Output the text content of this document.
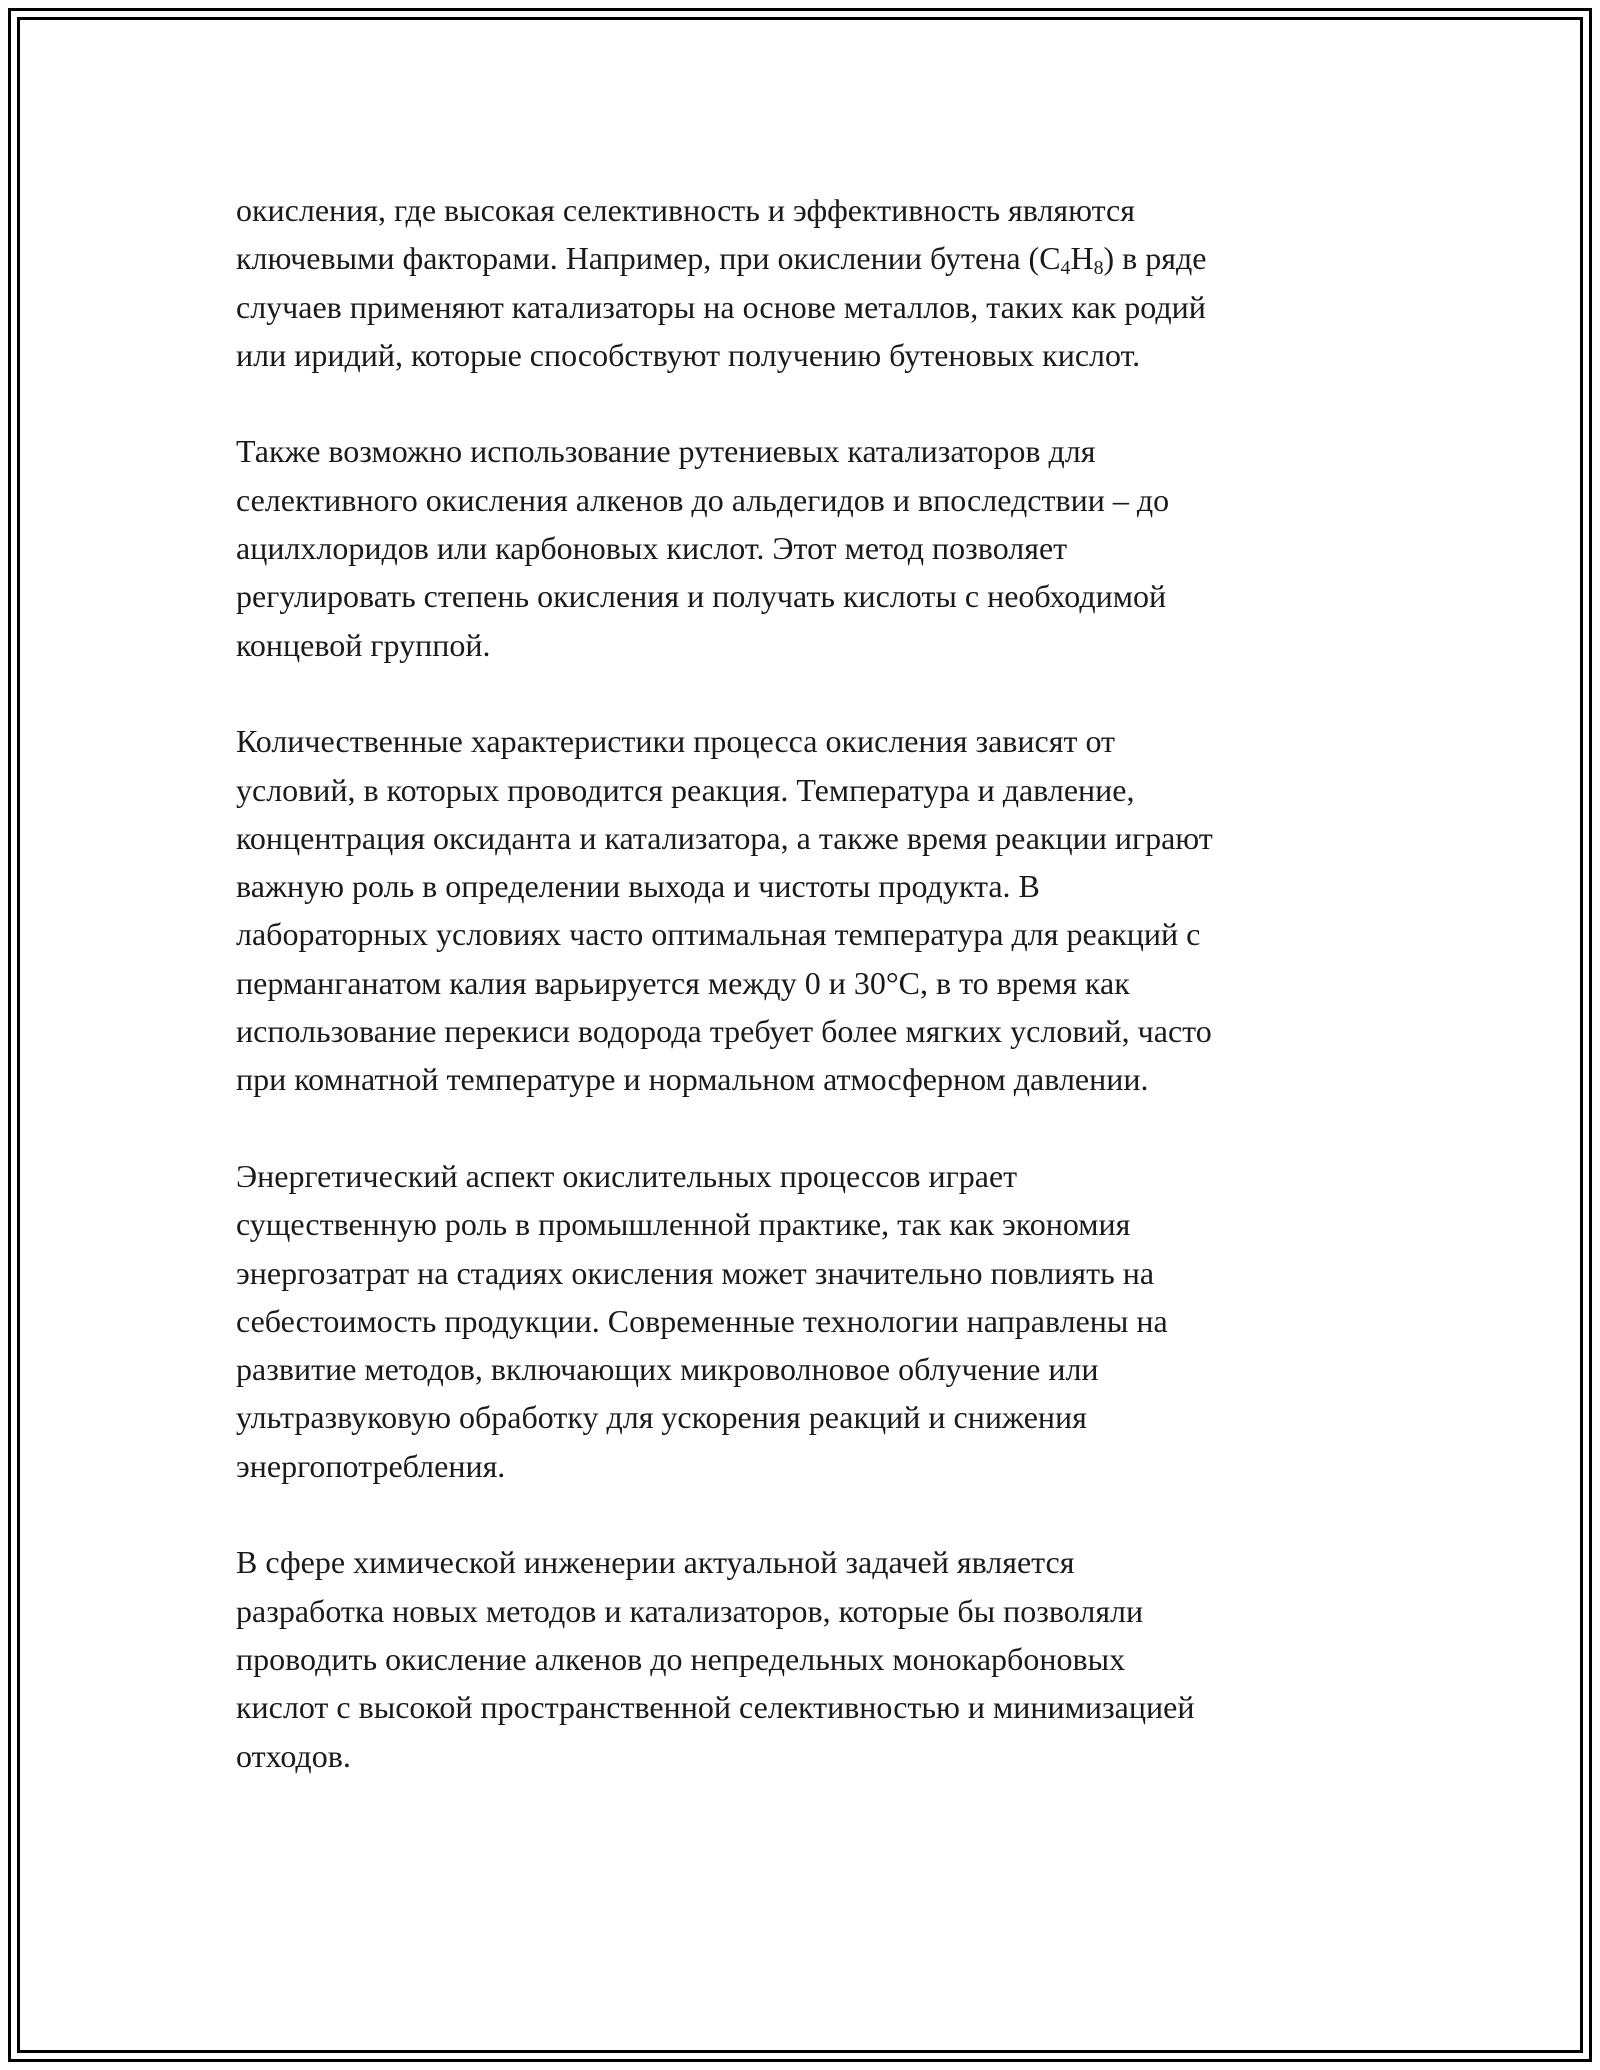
окисления, где высокая селективность и эффективность являются
ключевыми факторами. Например, при окислении бутена $(C_4H_8)$ в ряде
случаев применяют катализаторы на основе металлов, таких как родий
или иридий, которые способствуют получению бутеновых кислот.

Также возможно использование рутениевых катализаторов для
селективного окисления алкенов до альдегидов и впоследствии – до
ацилхлоридов или карбоновых кислот. Этот метод позволяет
регулировать степень окисления и получать кислоты с необходимой
концевой группой.

Количественные характеристики процесса окисления зависят от
условий, в которых проводится реакция. Температура и давление,
концентрация оксиданта и катализатора, а также время реакции играют
важную роль в определении выхода и чистоты продукта. В
лабораторных условиях часто оптимальная температура для реакций с
перманганатом калия варьируется между 0 и 30°C, в то время как
использование перекиси водорода требует более мягких условий, часто
при комнатной температуре и нормальном атмосферном давлении.

Энергетический аспект окислительных процессов играет
существенную роль в промышленной практике, так как экономия
энергозатрат на стадиях окисления может значительно повлиять на
себестоимость продукции. Современные технологии направлены на
развитие методов, включающих микроволновое облучение или
ультразвуковую обработку для ускорения реакций и снижения
энергопотребления.

В сфере химической инженерии актуальной задачей является
разработка новых методов и катализаторов, которые бы позволяли
проводить окисление алкенов до непредельных монокарбоновых
кислот с высокой пространственной селективностью и минимизацией
отходов.
